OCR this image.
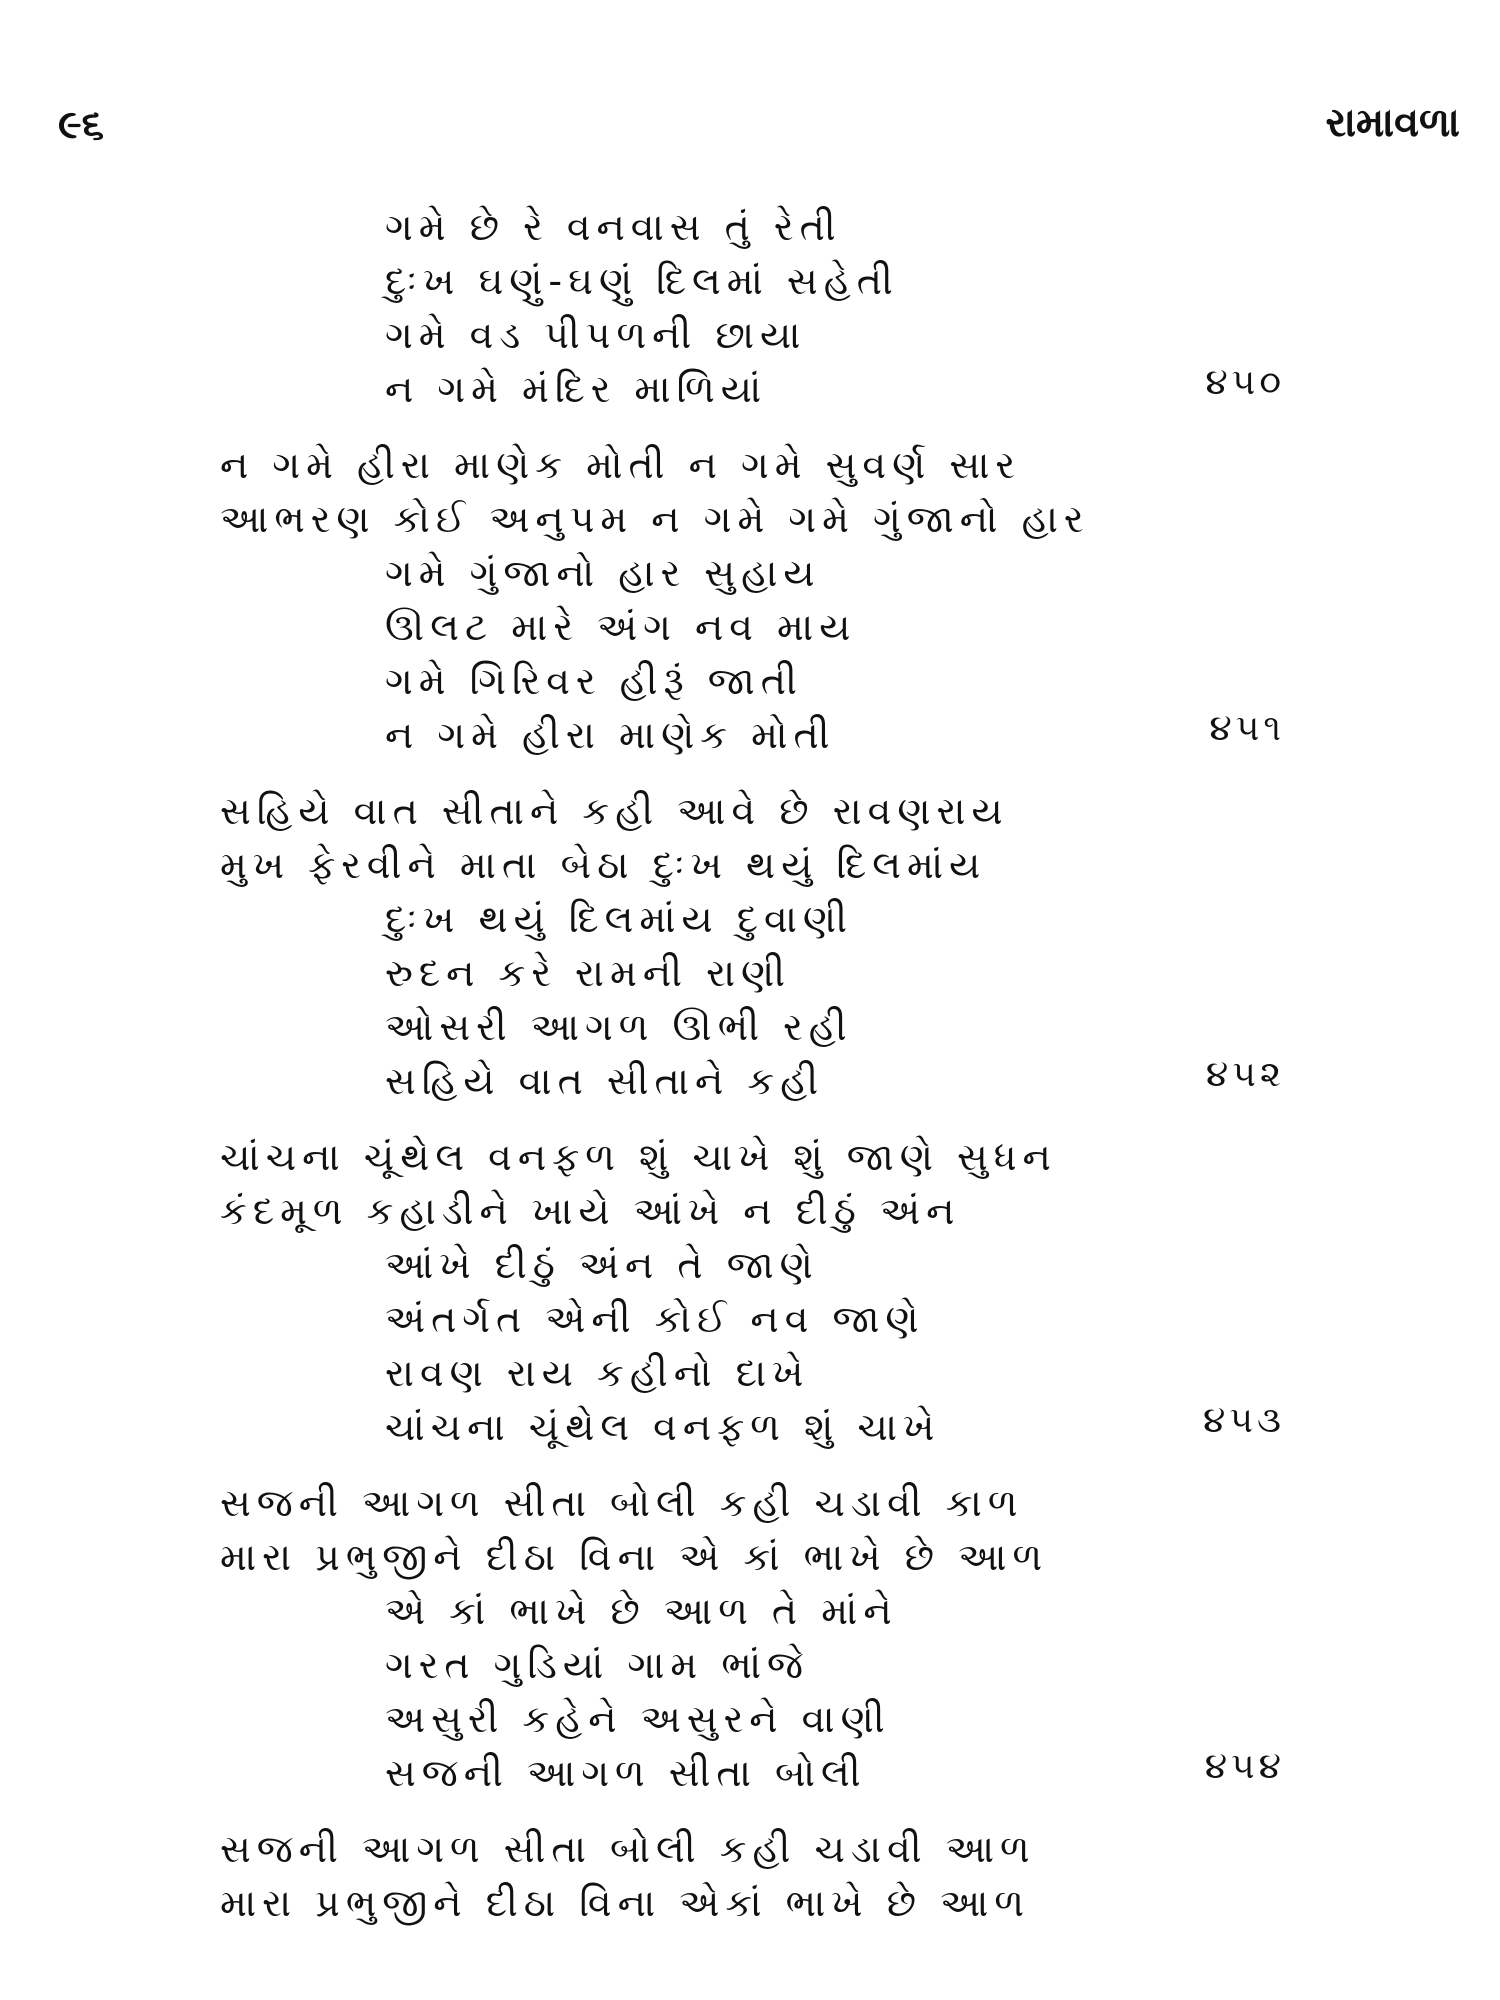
૯૬	રામાવળા
ગમે છે રે વનવાસ તું રેતી
દુઃખ ઘણું-ઘણું દિલમાં સહેતી
ગમે વડ પીપળની છાયા
ન ગમે મંદિર માળિયાં	૪૫૦
ન ગમે હીરા માણેક મોતી ન ગમે સુવર્ણ સાર
આભરણ કોઈ અનુપમ ન ગમે ગમે ગુંજાનો હાર
ગમે ગુંજાનો હાર સુહાય
ઊલટ મારે અંગ નવ માય
ગમે ગિરિવર હીરૂં જાતી
ન ગમે હીરા માણેક મોતી	૪૫૧
સહિયે વાત સીતાને કહી આવે છે રાવણરાય
મુખ ફેરવીને માતા બેઠા દુઃખ થયું દિલમાંય
દુઃખ થયું દિલમાંય દુવાણી
રુદન કરે રામની રાણી
ઓસરી આગળ ઊભી રહી
સહિયે વાત સીતાને કહી	૪૫૨
ચાંચના ચૂંથેલ વનફળ શું ચાખે શું જાણે સુધન
કંદમૂળ કહાડીને ખાયે આંખે ન દીઠું અંન
આંખે દીઠું અંન તે જાણે
અંતર્ગત એની કોઈ નવ જાણે
રાવણ રાય કહીનો દાખે
ચાંચના ચૂંથેલ વનફળ શું ચાખે	૪૫૩
સજની આગળ સીતા બોલી કહી ચડાવી કાળ
મારા પ્રભુજીને દીઠા વિના એ કાં ભાખે છે આળ
એ કાં ભાખે છે આળ તે માંને
ગરત ગુડિયાં ગામ ભાંજે
અસુરી કહેને અસુરને વાણી
સજની આગળ સીતા બોલી	૪૫૪
સજની આગળ સીતા બોલી કહી ચડાવી આળ
મારા પ્રભુજીને દીઠા વિના એકાં ભાખે છે આળ
